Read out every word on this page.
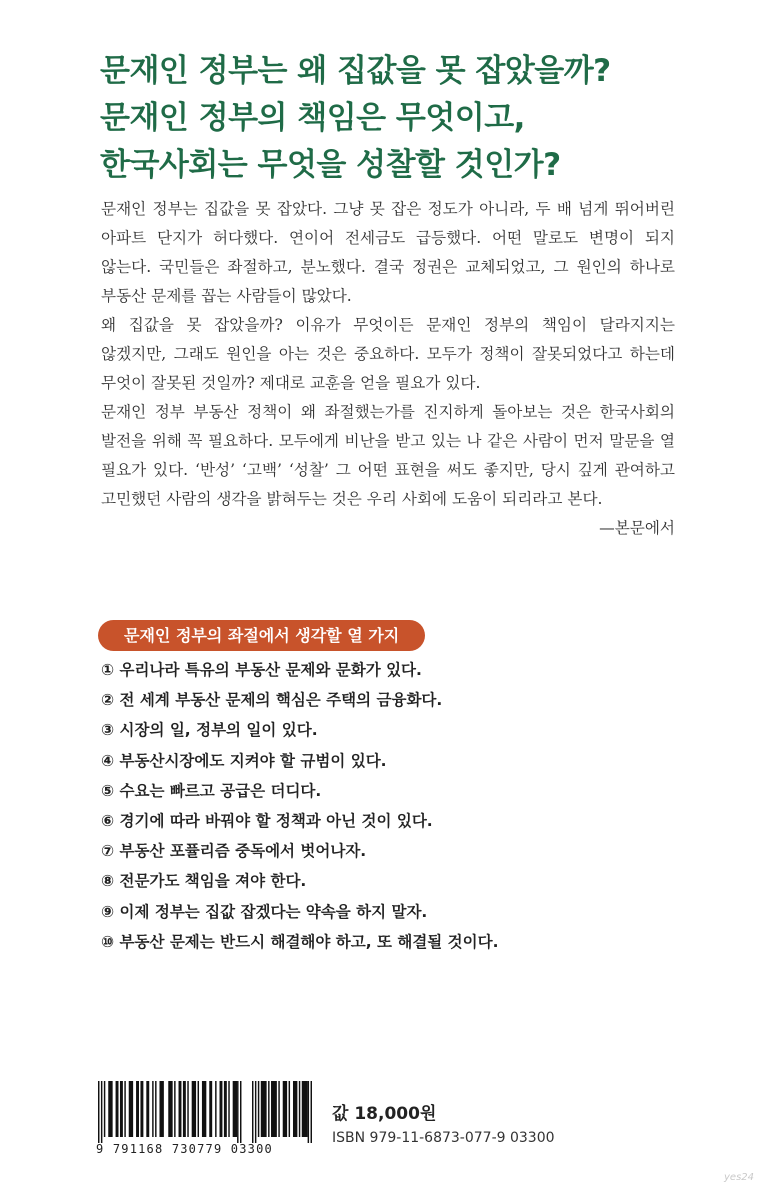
문재인 정부는 왜 집값을 못 잡았을까?
문재인 정부의 책임은 무엇이고,
한국사회는 무엇을 성찰할 것인가?

문재인 정부는 집값을 못 잡았다. 그냥 못 잡은 정도가 아니라, 두 배 넘게 뛰어버린 아파트 단지가 허다했다. 연이어 전세금도 급등했다. 어떤 말로도 변명이 되지 않는다. 국민들은 좌절하고, 분노했다. 결국 정권은 교체되었고, 그 원인의 하나로 부동산 문제를 꼽는 사람들이 많았다.

왜 집값을 못 잡았을까? 이유가 무엇이든 문재인 정부의 책임이 달라지지는 않겠지만, 그래도 원인을 아는 것은 중요하다. 모두가 정책이 잘못되었다고 하는데 무엇이 잘못된 것일까? 제대로 교훈을 얻을 필요가 있다.

문재인 정부 부동산 정책이 왜 좌절했는가를 진지하게 돌아보는 것은 한국사회의 발전을 위해 꼭 필요하다. 모두에게 비난을 받고 있는 나 같은 사람이 먼저 말문을 열 필요가 있다. ‘반성’ ‘고백’ ‘성찰’ 그 어떤 표현을 써도 좋지만, 당시 깊게 관여하고 고민했던 사람의 생각을 밝혀두는 것은 우리 사회에 도움이 되리라고 본다.

—본문에서
문재인 정부의 좌절에서 생각할 열 가지
① 우리나라 특유의 부동산 문제와 문화가 있다.
② 전 세계 부동산 문제의 핵심은 주택의 금융화다.
③ 시장의 일, 정부의 일이 있다.
④ 부동산시장에도 지켜야 할 규범이 있다.
⑤ 수요는 빠르고 공급은 더디다.
⑥ 경기에 따라 바꿔야 할 정책과 아닌 것이 있다.
⑦ 부동산 포퓰리즘 중독에서 벗어나자.
⑧ 전문가도 책임을 져야 한다.
⑨ 이제 정부는 집값 잡겠다는 약속을 하지 말자.
⑩ 부동산 문제는 반드시 해결해야 하고, 또 해결될 것이다.
9 791168 730779 03300
값 18,000원
ISBN 979-11-6873-077-9 03300
yes24
